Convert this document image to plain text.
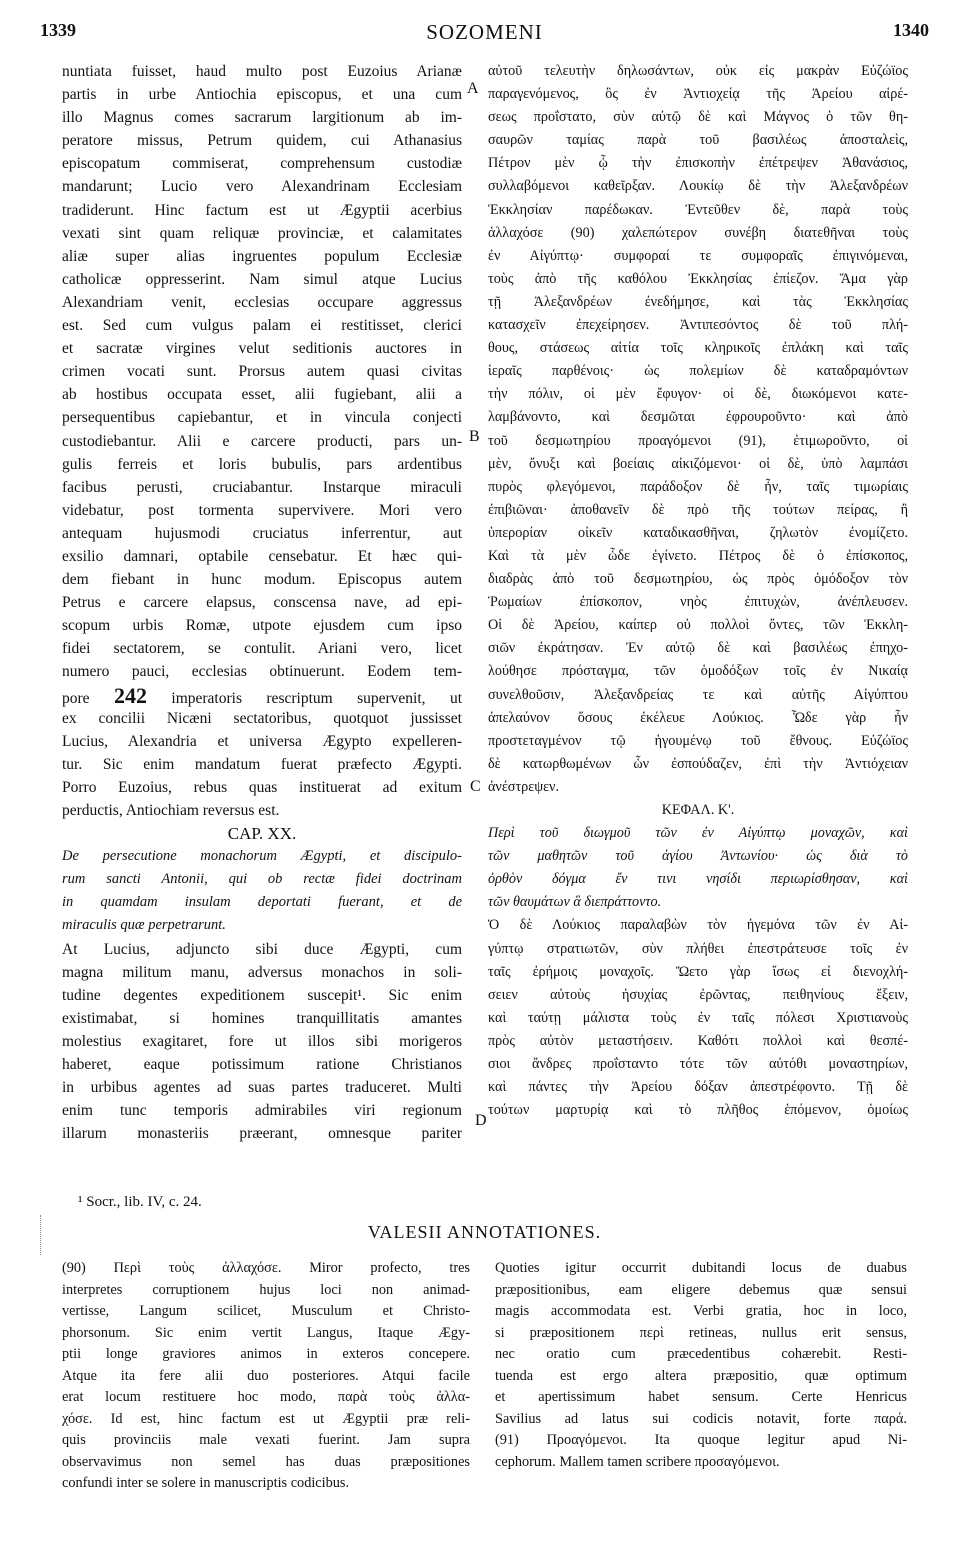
1339	SOZOMENI	1340
A
B
C
D
nuntiata fuisset, haud multo post Euzoius Arianæ
partis in urbe Antiochia episcopus, et una cum
illo Magnus comes sacrarum largitionum ab im-
peratore missus, Petrum quidem, cui Athanasius
episcopatum commiserat, comprehensum custodiæ
mandarunt; Lucio vero Alexandrinam Ecclesiam
tradiderunt. Hinc factum est ut Ægyptii acerbius
vexati sint quam reliquæ provinciæ, et calamitates
aliæ super alias ingruentes populum Ecclesiæ
catholicæ oppresserint. Nam simul atque Lucius
Alexandriam venit, ecclesias occupare aggressus
est. Sed cum vulgus palam ei restitisset, clerici
et sacratæ virgines velut seditionis auctores in
crimen vocati sunt. Prorsus autem quasi civitas
ab hostibus occupata esset, alii fugiebant, alii a
persequentibus capiebantur, et in vincula conjecti
custodiebantur. Alii e carcere producti, pars un-
gulis ferreis et loris bubulis, pars ardentibus
facibus perusti, cruciabantur. Instarque miraculi
videbatur, post tormenta supervivere. Mori vero
antequam hujusmodi cruciatus inferrentur, aut
exsilio damnari, optabile censebatur. Et hæc qui-
dem fiebant in hunc modum. Episcopus autem
Petrus e carcere elapsus, conscensa nave, ad epi-
scopum urbis Romæ, utpote ejusdem cum ipso
fidei sectatorem, se contulit. Ariani vero, licet
numero pauci, ecclesias obtinuerunt. Eodem tem-
pore 242 imperatoris rescriptum supervenit, ut
ex concilii Nicæni sectatoribus, quotquot jussisset
Lucius, Alexandria et universa Ægypto expelleren-
tur. Sic enim mandatum fuerat præfecto Ægypti.
Porro Euzoius, rebus quas instituerat ad exitum
perductis, Antiochiam reversus est.
CAP. XX.
De persecutione monachorum Ægypti, et discipulo-
rum sancti Antonii, qui ob rectæ fidei doctrinam
in quamdam insulam deportati fuerant, et de
miraculis quæ perpetrarunt.
At Lucius, adjuncto sibi duce Ægypti, cum
magna militum manu, adversus monachos in soli-
tudine degentes expeditionem suscepit¹. Sic enim
existimabat, si homines tranquillitatis amantes
molestius exagitaret, fore ut illos sibi morigeros
haberet, eaque potissimum ratione Christianos
in urbibus agentes ad suas partes traduceret. Multi
enim tunc temporis admirabiles viri regionum
illarum monasteriis præerant, omnesque pariter
αὐτοῦ τελευτὴν δηλωσάντων, οὐκ εἰς μακρὰν Εὐζώϊος
παραγενόμενος, ὃς ἐν Ἀντιοχείᾳ τῆς Ἀρείου αἱρέ-
σεως προΐστατο, σὺν αὐτῷ δὲ καὶ Μάγνος ὁ τῶν θη-
σαυρῶν ταμίας παρὰ τοῦ βασιλέως ἀποσταλεὶς,
Πέτρον μὲν ᾧ τὴν ἐπισκοπὴν ἐπέτρεψεν Ἀθανάσιος,
συλλαβόμενοι καθεῖρξαν. Λουκίῳ δὲ τὴν Ἀλεξανδρέων
Ἐκκλησίαν παρέδωκαν. Ἐντεῦθεν δὲ, παρὰ τοὺς
ἀλλαχόσε (90) χαλεπώτερον συνέβη διατεθῆναι τοὺς
ἐν Αἰγύπτῳ· συμφοραί τε συμφοραῖς ἐπιγινόμεναι,
τοὺς ἀπὸ τῆς καθόλου Ἐκκλησίας ἐπίεζον. Ἅμα γὰρ
τῇ Ἀλεξανδρέων ἐνεδήμησε, καὶ τὰς Ἐκκλησίας
κατασχεῖν ἐπεχείρησεν. Ἀντιπεσόντος δὲ τοῦ πλή-
θους, στάσεως αἰτία τοῖς κληρικοῖς ἐπλάκη καὶ ταῖς
ἱεραῖς παρθένοις· ὡς πολεμίων δὲ καταδραμόντων
τὴν πόλιν, οἱ μὲν ἔφυγον· οἱ δὲ, διωκόμενοι κατε-
λαμβάνοντο, καὶ δεσμῶται ἐφρουροῦντο· καὶ ἀπὸ
τοῦ δεσμωτηρίου προαγόμενοι (91), ἐτιμωροῦντο, οἱ
μὲν, ὄνυξι καὶ βοείαις αἰκιζόμενοι· οἱ δὲ, ὑπὸ λαμπάσι
πυρὸς φλεγόμενοι, παράδοξον δὲ ἦν, ταῖς τιμωρίαις
ἐπιβιῶναι· ἀποθανεῖν δὲ πρὸ τῆς τούτων πείρας, ἢ
ὑπερορίαν οἰκεῖν καταδικασθῆναι, ζηλωτὸν ἐνομίζετο.
Καὶ τὰ μὲν ὧδε ἐγίνετο. Πέτρος δὲ ὁ ἐπίσκοπος,
διαδρὰς ἀπὸ τοῦ δεσμωτηρίου, ὡς πρὸς ὁμόδοξον τὸν
Ῥωμαίων ἐπίσκοπον, νηὸς ἐπιτυχὼν, ἀνέπλευσεν.
Οἱ δὲ Ἀρείου, καίπερ οὐ πολλοὶ ὄντες, τῶν Ἐκκλη-
σιῶν ἐκράτησαν. Ἐν αὐτῷ δὲ καὶ βασιλέως ἐπηχο-
λούθησε πρόσταγμα, τῶν ὁμοδόξων τοῖς ἐν Νικαίᾳ
συνελθοῦσιν, Ἀλεξανδρείας τε καὶ αὐτῆς Αἰγύπτου
ἀπελαύνον ὅσους ἐκέλευε Λούκιος. Ὧδε γὰρ ἦν
προστεταγμένον τῷ ἡγουμένῳ τοῦ ἔθνους. Εὐζώϊος
δὲ κατωρθωμένων ὧν ἐσπούδαζεν, ἐπὶ τὴν Ἀντιόχειαν
ἀνέστρεψεν.
ΚΕΦΑΛ. Κ'.
Περὶ τοῦ διωγμοῦ τῶν ἐν Αἰγύπτῳ μοναχῶν, καὶ
τῶν μαθητῶν τοῦ ἁγίου Ἀντωνίου· ὡς διὰ τὸ
ὀρθὸν δόγμα ἔν τινι νησίδι περιωρίσθησαν, καὶ
τῶν θαυμάτων ἃ διεπράττοντο.
Ὁ δὲ Λούκιος παραλαβὼν τὸν ἡγεμόνα τῶν ἐν Αἰ-
γύπτῳ στρατιωτῶν, σὺν πλήθει ἐπεστράτευσε τοῖς ἐν
ταῖς ἐρήμοις μοναχοῖς. Ὤετο γὰρ ἴσως εἰ διενοχλή-
σειεν αὐτοὺς ἡσυχίας ἐρῶντας, πειθηνίους ἕξειν,
καὶ ταύτῃ μάλιστα τοὺς ἐν ταῖς πόλεσι Χριστιανοὺς
πρὸς αὐτὸν μεταστήσειν. Καθότι πολλοὶ καὶ θεσπέ-
σιοι ἄνδρες προΐσταντο τότε τῶν αὐτόθι μοναστηρίων,
καὶ πάντες τὴν Ἀρείου δόξαν ἀπεστρέφοντο. Τῇ δὲ
τούτων μαρτυρίᾳ καὶ τὸ πλῆθος ἑπόμενον, ὁμοίως
¹ Socr., lib. IV, c. 24.
VALESII ANNOTATIONES.
(90) Περὶ τοὺς ἀλλαχόσε. Miror profecto, tres
interpretes corruptionem hujus loci non animad-
vertisse, Langum scilicet, Musculum et Christo-
phorsonum. Sic enim vertit Langus, Itaque Ægy-
ptii longe graviores animos in exteros concepere.
Atque ita fere alii duo posteriores. Atqui facile
erat locum restituere hoc modo, παρὰ τοὺς ἀλλα-
χόσε. Id est, hinc factum est ut Ægyptii præ reli-
quis provinciis male vexati fuerint. Jam supra
observavimus non semel has duas præpositiones
confundi inter se solere in manuscriptis codicibus.
Quoties igitur occurrit dubitandi locus de duabus
præpositionibus, eam eligere debemus quæ sensui
magis accommodata est. Verbi gratia, hoc in loco,
si præpositionem περὶ retineas, nullus erit sensus,
nec oratio cum præcedentibus cohærebit. Resti-
tuenda est ergo altera præpositio, quæ optimum
et apertissimum habet sensum. Certe Henricus
Savilius ad latus sui codicis notavit, forte παρά.
(91) Προαγόμενοι. Ita quoque legitur apud Ni-
cephorum. Mallem tamen scribere προσαγόμενοι.
